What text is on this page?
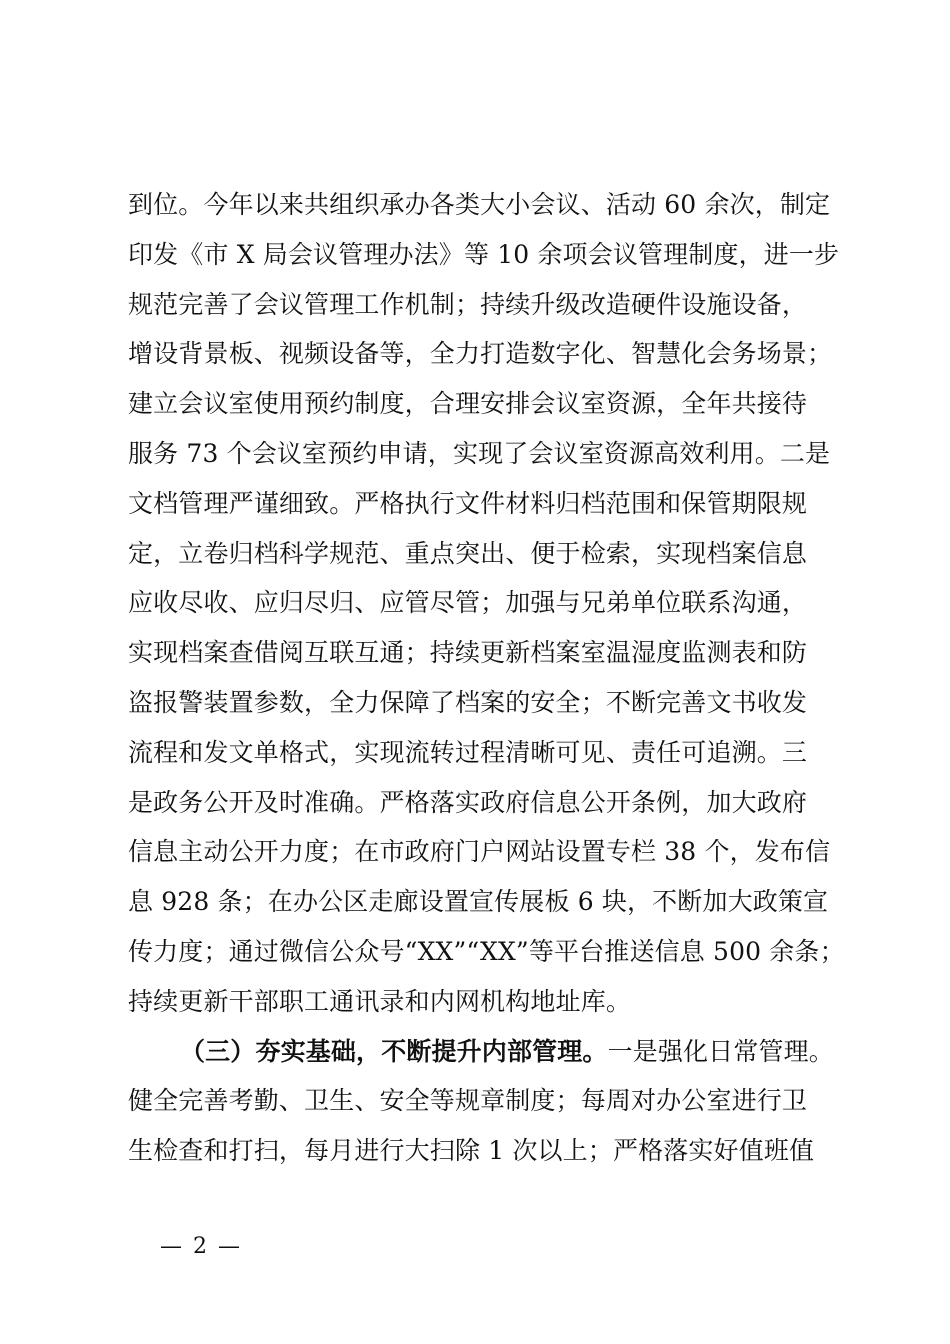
到位。今年以来共组织承办各类大小会议、活动 60 余次，制定
印发《市 X 局会议管理办法》等 10 余项会议管理制度，进一步
规范完善了会议管理工作机制；持续升级改造硬件设施设备，
增设背景板、视频设备等，全力打造数字化、智慧化会务场景；
建立会议室使用预约制度，合理安排会议室资源，全年共接待
服务 73 个会议室预约申请，实现了会议室资源高效利用。二是
文档管理严谨细致。严格执行文件材料归档范围和保管期限规
定，立卷归档科学规范、重点突出、便于检索，实现档案信息
应收尽收、应归尽归、应管尽管；加强与兄弟单位联系沟通，
实现档案查借阅互联互通；持续更新档案室温湿度监测表和防
盗报警装置参数，全力保障了档案的安全；不断完善文书收发
流程和发文单格式，实现流转过程清晰可见、责任可追溯。三
是政务公开及时准确。严格落实政府信息公开条例，加大政府
信息主动公开力度；在市政府门户网站设置专栏 38 个，发布信
息 928 条；在办公区走廊设置宣传展板 6 块，不断加大政策宣
传力度；通过微信公众号“XX”“XX”等平台推送信息 500 余条；
持续更新干部职工通讯录和内网机构地址库。
（三）夯实基础，不断提升内部管理。一是强化日常管理。
健全完善考勤、卫生、安全等规章制度；每周对办公室进行卫
生检查和打扫，每月进行大扫除 1 次以上；严格落实好值班值
— 2 —
